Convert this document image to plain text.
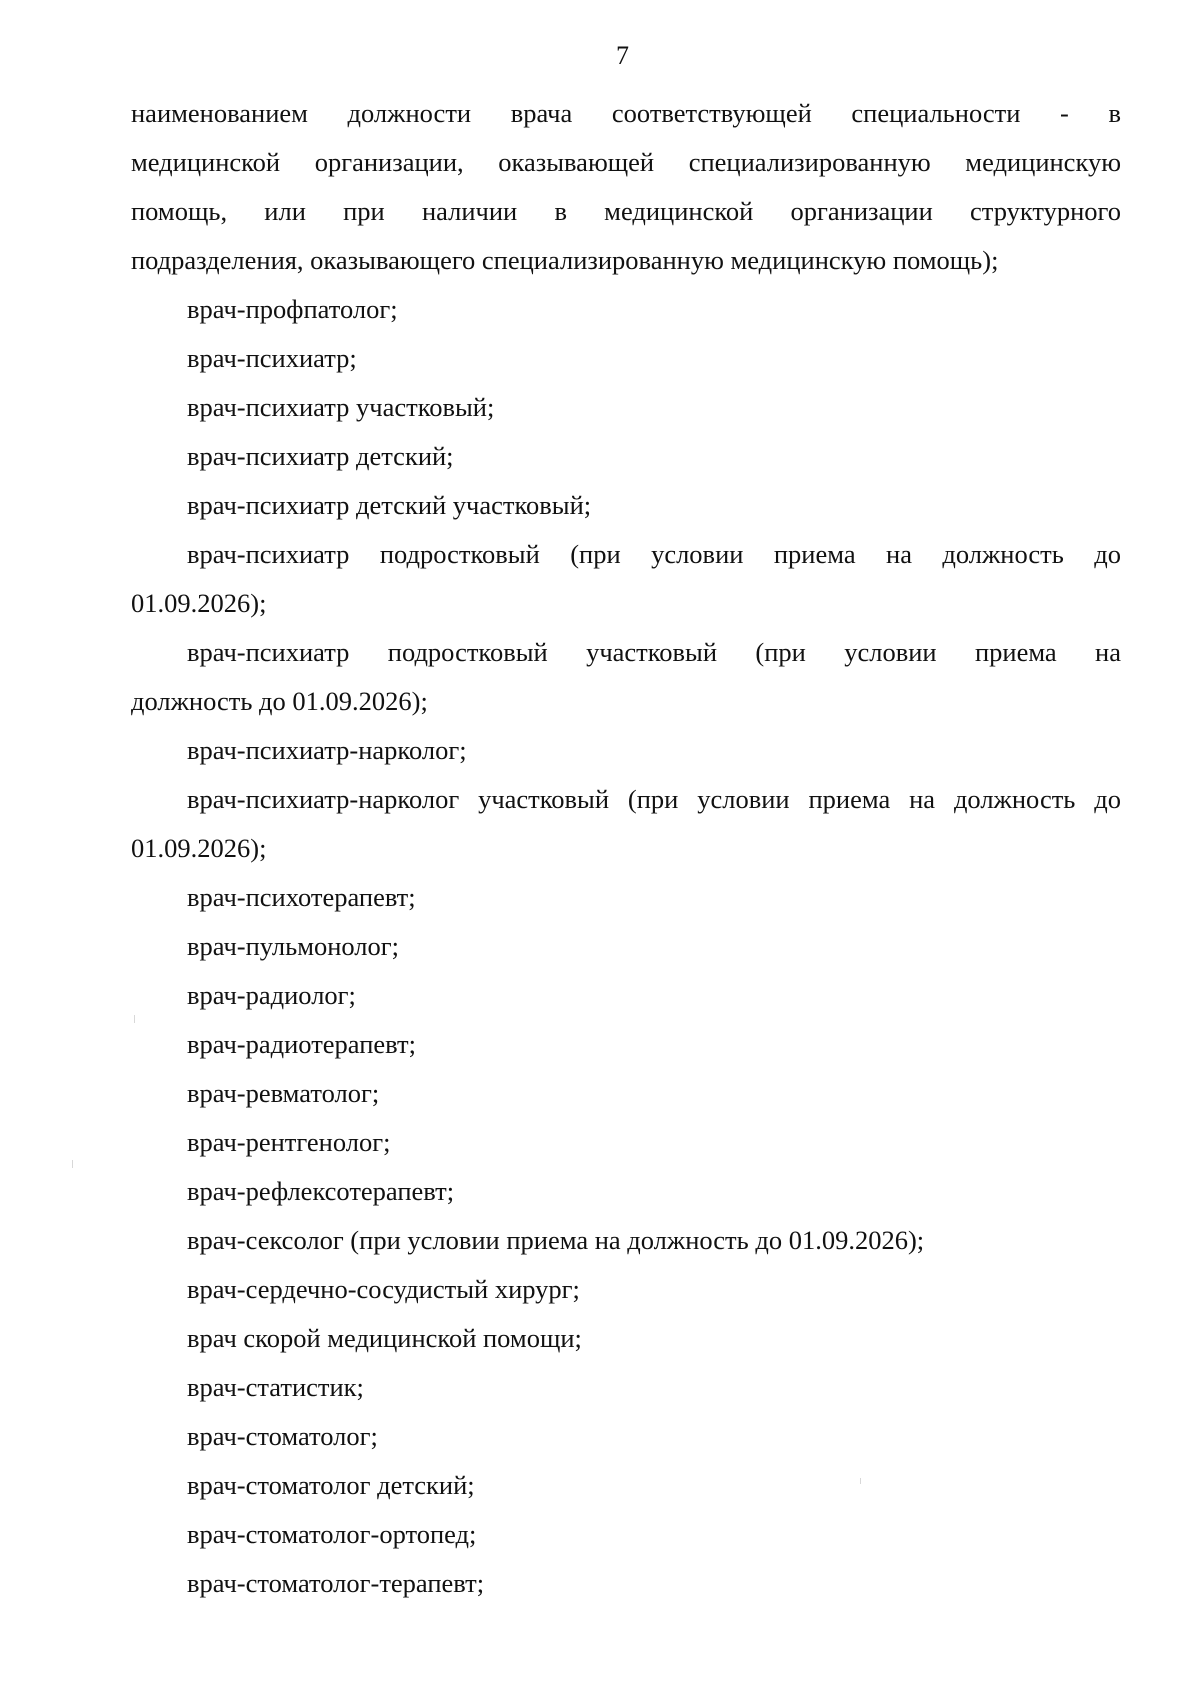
7

наименованием должности врача соответствующей специальности - в
медицинской организации, оказывающей специализированную медицинскую
помощь, или при наличии в медицинской организации структурного
подразделения, оказывающего специализированную медицинскую помощь);

врач-профпатолог;

врач-психиатр;

врач-психиатр участковый;

врач-психиатр детский;

врач-психиатр детский участковый;

врач-психиатр подростковый (при условии приема на должность до

01.09.2026);

врач-психиатр подростковый участковый (при условии приема на

должность до 01.09.2026);

врач-психиатр-нарколог;

врач-психиатр-нарколог участковый (при условии приема на должность до

01.09.2026);

врач-психотерапевт;

врач-пульмонолог;

врач-радиолог;

врач-радиотерапевт;

врач-ревматолог;

врач-рентгенолог;

врач-рефлексотерапевт;

врач-сексолог (при условии приема на должность до 01.09.2026);

врач-сердечно-сосудистый хирург;

врач скорой медицинской помощи;

врач-статистик;

врач-стоматолог;

врач-стоматолог детский;

врач-стоматолог-ортопед;

врач-стоматолог-терапевт;
